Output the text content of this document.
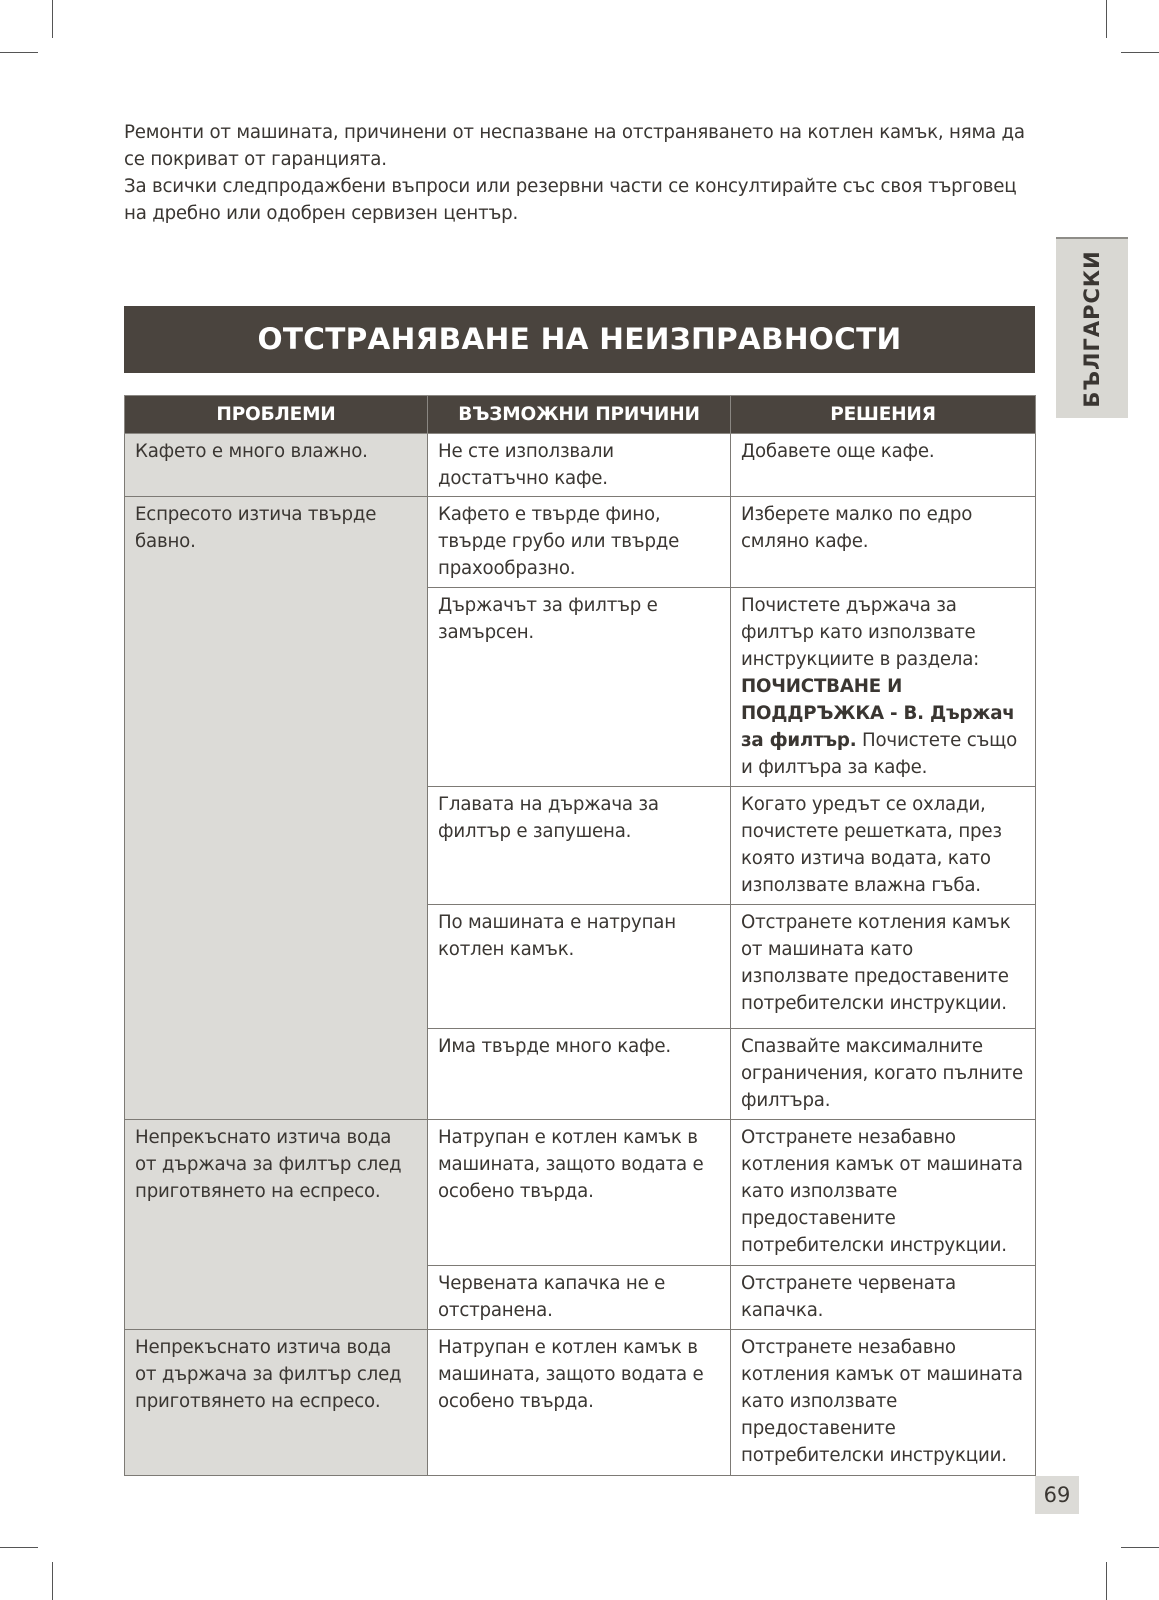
Ремонти от машината, причинени от неспазване на отстраняването на котлен камък, няма да се покриват от гаранцията.

За всички следпродажбени въпроси или резервни части се консултирайте със своя търговец на дребно или одобрен сервизен център.

БЪЛГАРСКИ
ОТСТРАНЯВАНЕ НА НЕИЗПРАВНОСТИ
ПРОБЛЕМИ	ВЪЗМОЖНИ ПРИЧИНИ	РЕШЕНИЯ
Кафето е много влажно.	Не сте използвали достатъчно кафе.	Добавете още кафе.
Еспресото изтича твърде бавно.	Кафето е твърде фино, твърде грубо или твърде прахообразно.	Изберете малко по едро смляно кафе.
	Държачът за филтър е замърсен.	Почистете държача за филтър като използвате инструкциите в раздела: ПОЧИСТВАНЕ И ПОДДРЪЖКА - B. Държач за филтър. Почистете също и филтъра за кафе.
	Главата на държача за филтър е запушена.	Когато уредът се охлади, почистете решетката, през която изтича водата, като използвате влажна гъба.
	По машината е натрупан котлен камък.	Отстранете котления камък от машината като използвате предоставените потребителски инструкции.
	Има твърде много кафе.	Спазвайте максималните ограничения, когато пълните филтъра.
Непрекъснато изтича вода от държача за филтър след приготвянето на еспресо.	Натрупан е котлен камък в машината, защото водата е особено твърда.	Отстранете незабавно котления камък от машината като използвате предоставените потребителски инструкции.
	Червената капачка не е отстранена.	Отстранете червената капачка.
Непрекъснато изтича вода от държача за филтър след приготвянето на еспресо.	Натрупан е котлен камък в машината, защото водата е особено твърда.	Отстранете незабавно котления камък от машината като използвате предоставените потребителски инструкции.
69
